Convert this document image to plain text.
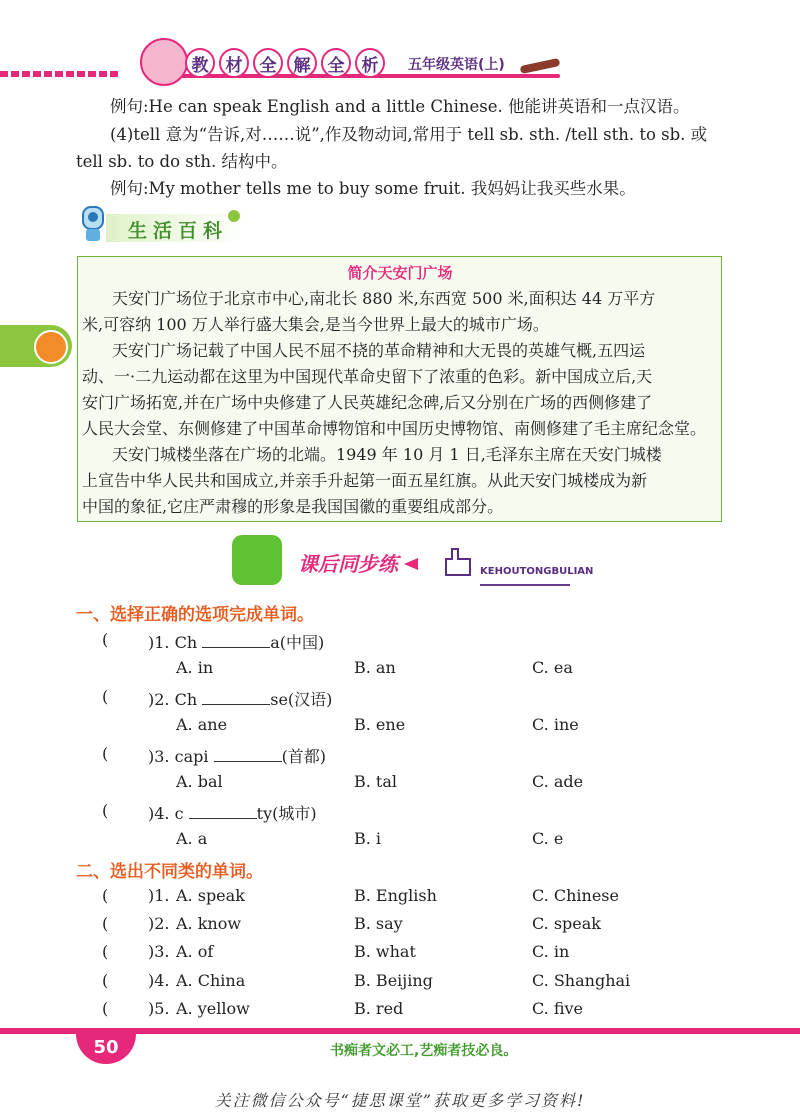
教	材	全	解	全	析	五年级英语(上)
例句:He can speak English and a little Chinese. 他能讲英语和一点汉语。
(4)tell 意为“告诉,对……说”,作及物动词,常用于 tell sb. sth. /tell sth. to sb. 或
tell sb. to do sth. 结构中。
例句:My mother tells me to buy some fruit. 我妈妈让我买些水果。
生活百科
简介天安门广场
天安门广场位于北京市中心,南北长 880 米,东西宽 500 米,面积达 44 万平方
米,可容纳 100 万人举行盛大集会,是当今世界上最大的城市广场。
天安门广场记载了中国人民不屈不挠的革命精神和大无畏的英雄气概,五四运
动、一·二九运动都在这里为中国现代革命史留下了浓重的色彩。新中国成立后,天
安门广场拓宽,并在广场中央修建了人民英雄纪念碑,后又分别在广场的西侧修建了
人民大会堂、东侧修建了中国革命博物馆和中国历史博物馆、南侧修建了毛主席纪念堂。
天安门城楼坐落在广场的北端。1949 年 10 月 1 日,毛泽东主席在天安门城楼
上宣告中华人民共和国成立,并亲手升起第一面五星红旗。从此天安门城楼成为新
中国的象征,它庄严肃穆的形象是我国国徽的重要组成部分。
课后同步练	KEHOUTONGBULIAN
一、选择正确的选项完成单词。
( )1. Ch	a(中国)
A. in	B. an	C. ea
( )2. Ch	se(汉语)
A. ane	B. ene	C. ine
( )3. capi	(首都)
A. bal	B. tal	C. ade
( )4. c	ty(城市)
A. a	B. i	C. e
二、选出不同类的单词。
( )1. A. speak	B. English	C. Chinese
( )2. A. know	B. say	C. speak
( )3. A. of	B. what	C. in
( )4. A. China	B. Beijing	C. Shanghai
( )5. A. yellow	B. red	C. five
50	书痴者文必工,艺痴者技必良。
关注微信公众号“捷思课堂”获取更多学习资料!
